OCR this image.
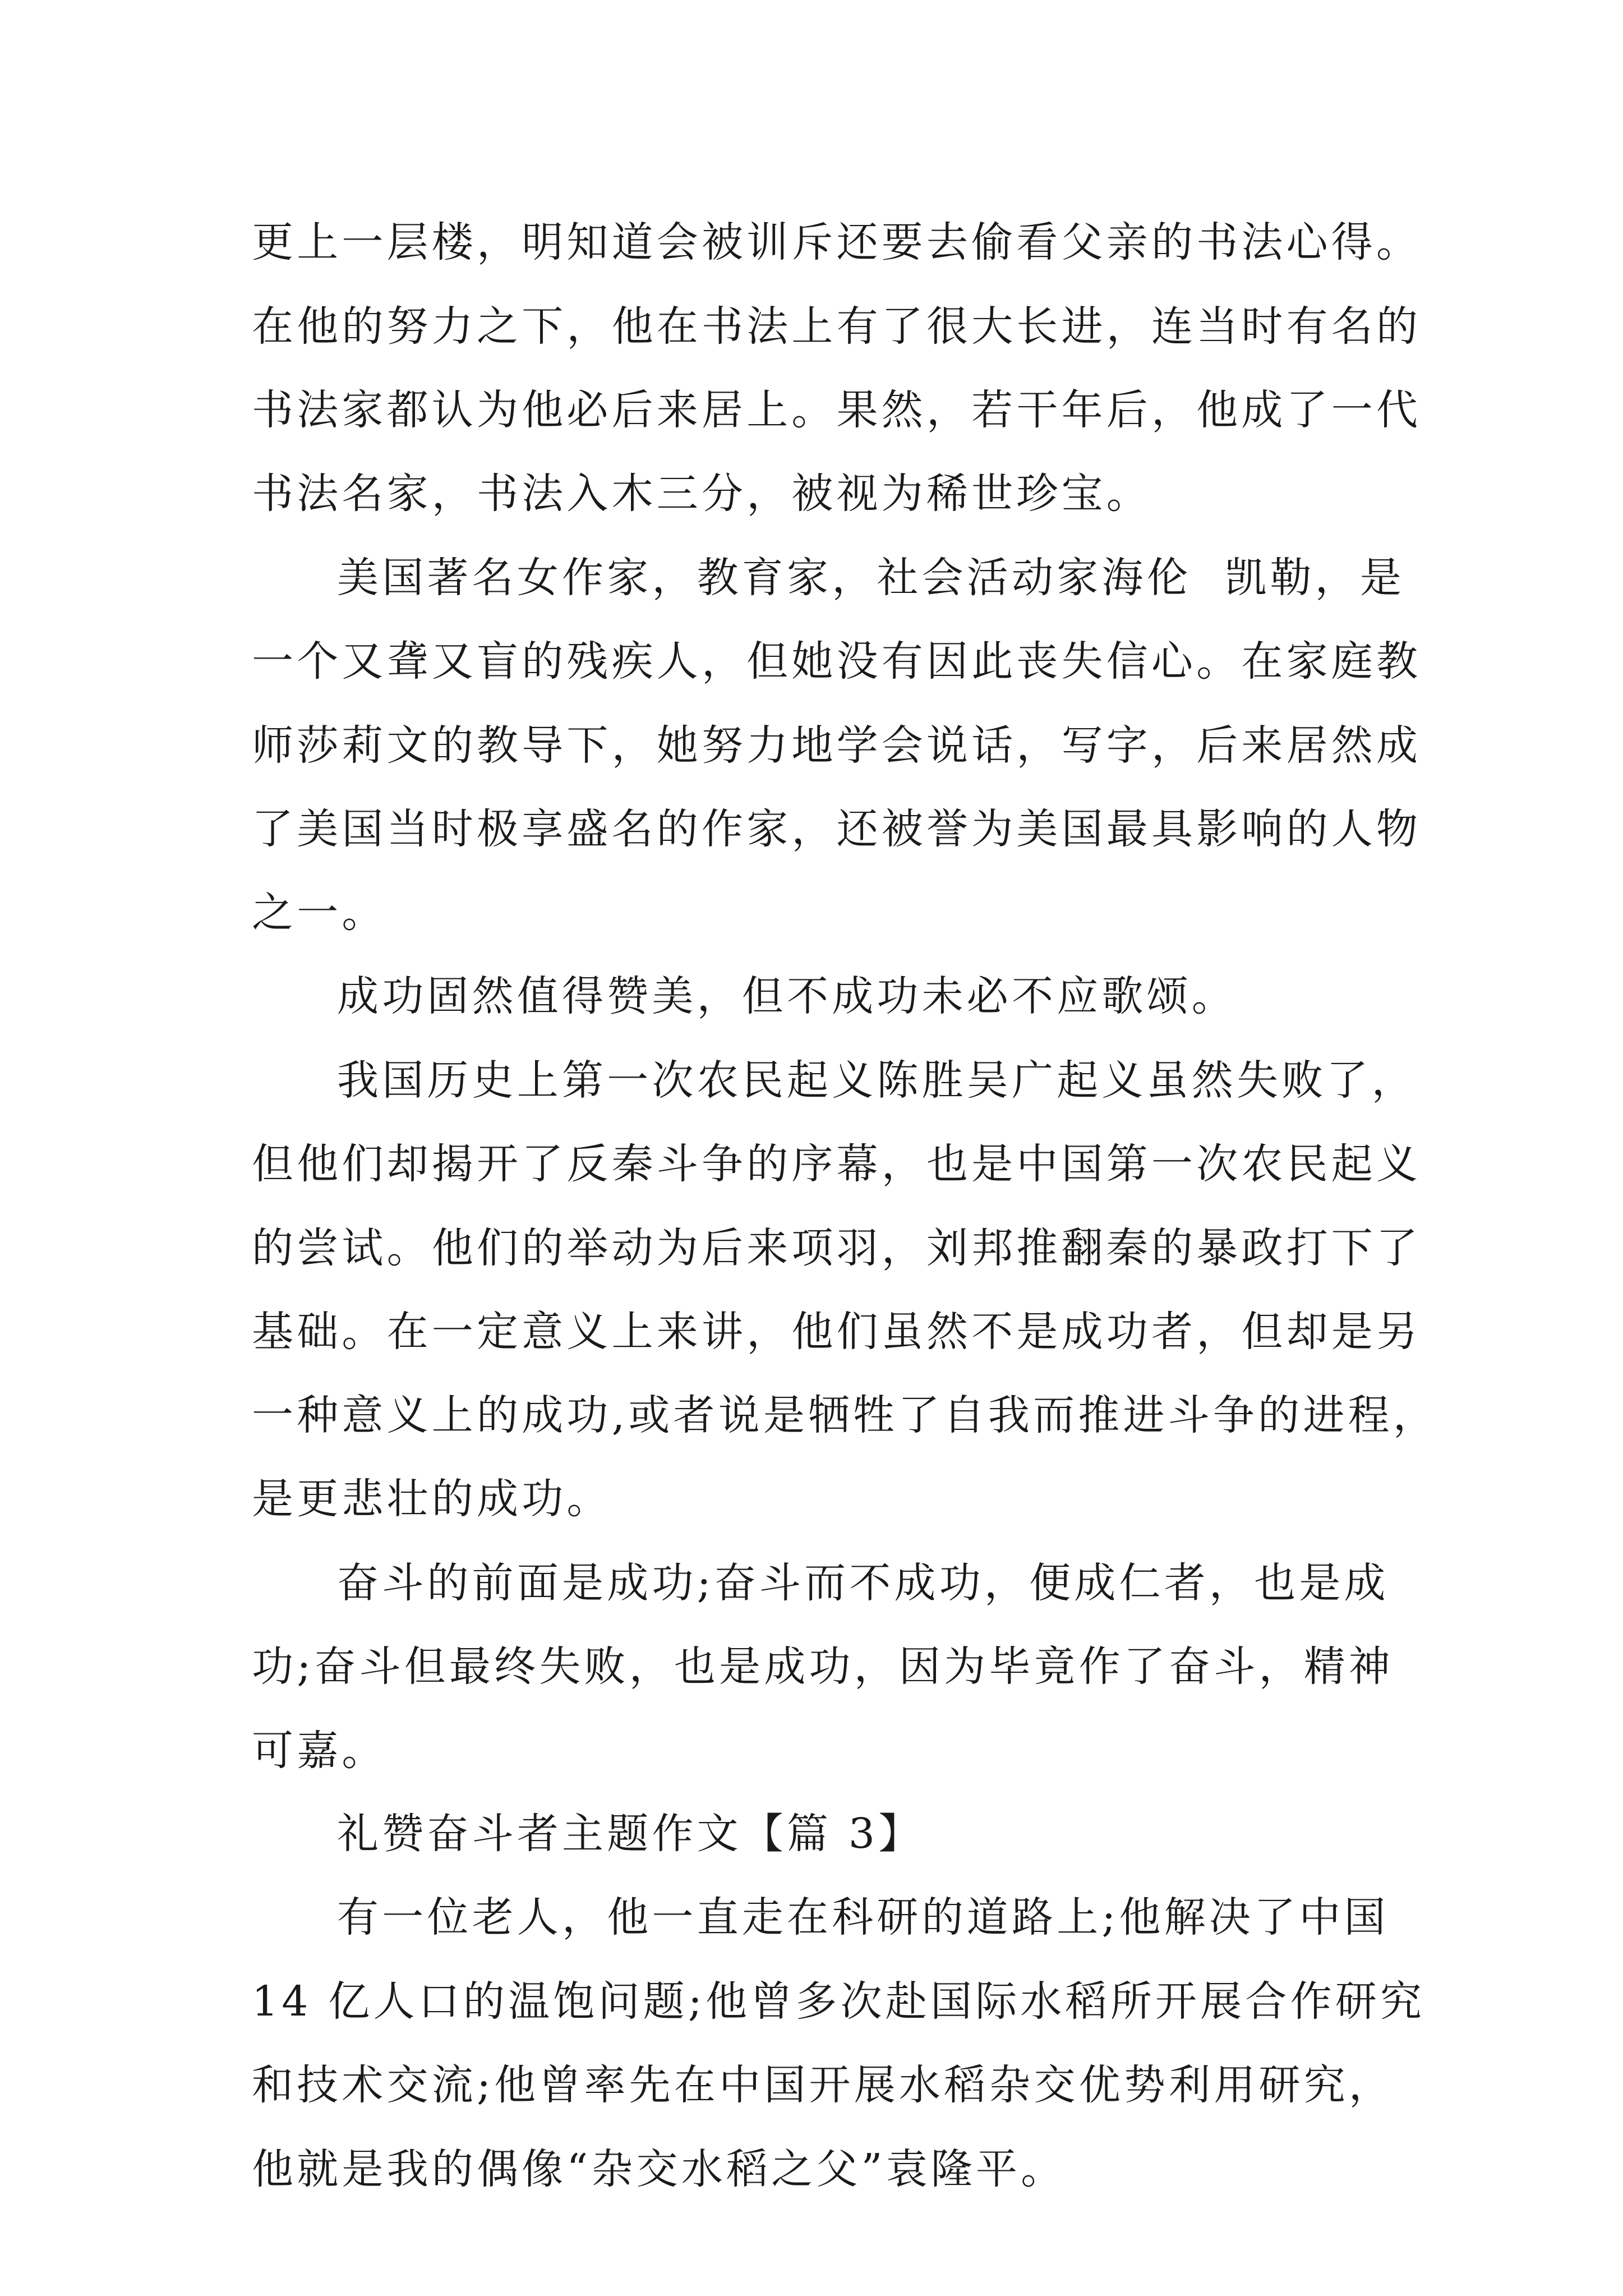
更上一层楼，明知道会被训斥还要去偷看父亲的书法心得。
在他的努力之下，他在书法上有了很大长进，连当时有名的
书法家都认为他必后来居上。果然，若干年后，他成了一代
书法名家，书法入木三分，被视为稀世珍宝。
美国著名女作家，教育家，社会活动家海伦  凯勒，是
一个又聋又盲的残疾人，但她没有因此丧失信心。在家庭教
师莎莉文的教导下，她努力地学会说话，写字，后来居然成
了美国当时极享盛名的作家，还被誉为美国最具影响的人物
之一。
成功固然值得赞美，但不成功未必不应歌颂。
我国历史上第一次农民起义陈胜吴广起义虽然失败了，
但他们却揭开了反秦斗争的序幕，也是中国第一次农民起义
的尝试。他们的举动为后来项羽，刘邦推翻秦的暴政打下了
基础。在一定意义上来讲，他们虽然不是成功者，但却是另
一种意义上的成功,或者说是牺牲了自我而推进斗争的进程，
是更悲壮的成功。
奋斗的前面是成功;奋斗而不成功，便成仁者，也是成
功;奋斗但最终失败，也是成功，因为毕竟作了奋斗，精神
可嘉。
礼赞奋斗者主题作文【篇 3】
有一位老人，他一直走在科研的道路上;他解决了中国
14 亿人口的温饱问题;他曾多次赴国际水稻所开展合作研究
和技术交流;他曾率先在中国开展水稻杂交优势利用研究，
他就是我的偶像“杂交水稻之父”袁隆平。
